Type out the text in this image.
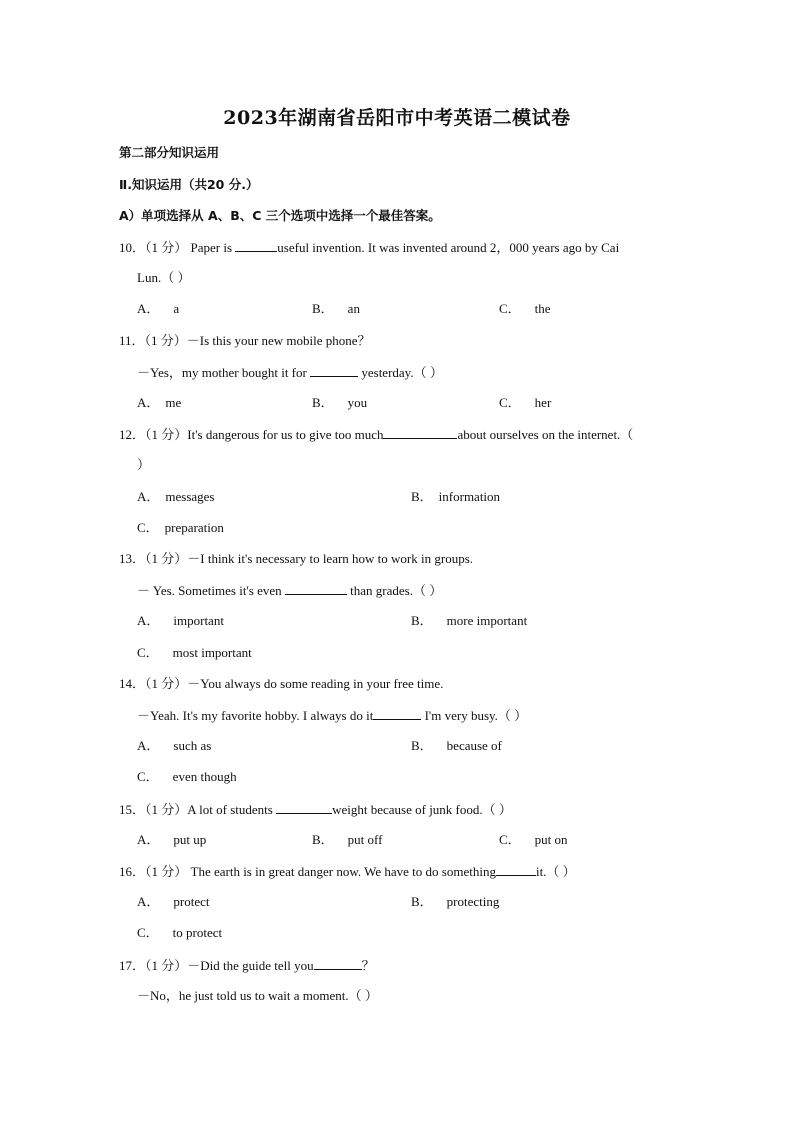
2023年湖南省岳阳市中考英语二模试卷
第二部分知识运用
Ⅱ.知识运用（共20 分.）
A）单项选择从 A、B、C 三个选项中选择一个最佳答案。
10．（1 分） Paper is	useful invention. It was invented around 2，000 years ago by Cai
Lun.（ ）
A． a	B． an	C． the
11．（1 分）－Is this your new mobile phone？
－Yes，my mother bought it for	yesterday.（ ）
A． me	B． you	C． her
12．（1 分）It's dangerous for us to give too much	about ourselves on the internet.（
）
A． messages	B． information
C． preparation
13．（1 分）－I think it's necessary to learn how to work in groups.
－ Yes. Sometimes it's even	than grades.（ ）
A． important	B． more important
C． most important
14．（1 分）－You always do some reading in your free time.
－Yeah. It's my favorite hobby. I always do it	I'm very busy.（ ）
A． such as	B． because of
C． even though
15．（1 分）A lot of students	weight because of junk food.（ ）
A． put up	B． put off	C． put on
16．（1 分） The earth is in great danger now. We have to do something	it.（ ）
A． protect	B． protecting
C． to protect
17．（1 分）－Did the guide tell you	？
－No，he just told us to wait a moment.（ ）
